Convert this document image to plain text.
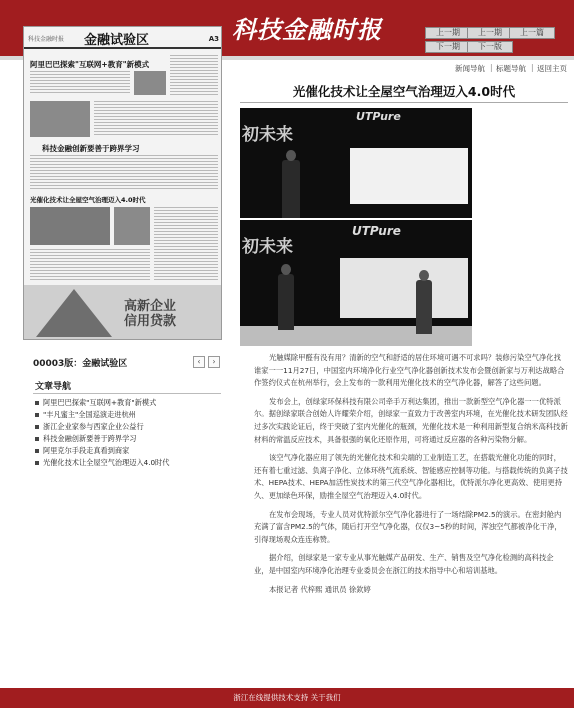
科技金融时报	上一期	上一期	上一篇
下一期	下一版
科技金融时报 金融试验区	A3
阿里巴巴探索"互联网+教育"新模式
科技金融创新要善于跨界学习
光催化技术让全屋空气治理迈入4.0时代
高新企业
信用贷款
00003版：金融试验区	‹	›
文章导航
阿里巴巴探索"互联网+教育"新模式
"丰凡蜜主"全国巡演走进杭州
浙江企业家参与西家企业公益行
科技金融创新要善于跨界学习
阿里克尔手段走真看到商家
光催化技术让全屋空气治理迈入4.0时代
新闻导航 | 标题导航 | 返回主页
光催化技术让全屋空气治理迈入4.0时代
初未来
UTPure
初未来
UTPure

光触媒除甲醛有没有用？清新的空气和舒适的居住环境可遇不可求吗？装修污染空气净化找谁家一一11月27日，中国室内环境净化行业空气净化器创新技术发布会暨创新家与万利达战略合作签约仪式在杭州举行，会上发布的一款利用光催化技术的空气净化器，解答了这些问题。

发布会上，创绿家环保科技有限公司牵手万利达集团，推出一款新型空气净化器一一优特派尔。据创绿家联合创始人许耀荣介绍，创绿家一直致力于改善室内环境，在光催化技术研发团队经过多次实践论证后，终于突破了室内光催化的瓶颈，光催化技术是一种利用新型复合纳米高科技新材料的常温反应技术，具备很强的氧化还原作用，可将通过反应器的各种污染物分解。

该空气净化器应用了领先的光催化技术和尖端的工业制造工艺，在搭载光催化功能的同时，还有着七重过滤、负离子净化、立体环绕气流系统、智能感应控制等功能。与搭载传统的负离子技术、HEPA技术、HEPA加活性炭技术的第三代空气净化器相比，优特派尔净化更高效、使用更持久、更加绿色环保，励推全屋空气治理迈入4.0时代。

在发布会现场，专业人员对优特派尔空气净化器进行了一场结除PM2.5的演示。在密封舱内充满了富含PM2.5的气体，随后打开空气净化器，仅仅3~5秒的时间，浑浊空气都被净化干净，引得现场观众连连称赞。

据介绍，创绿家是一家专业从事光触媒产品研发、生产、销售及空气净化检测的高科技企业，是中国室内环境净化治理专业委员会在浙江的技术指导中心和培训基地。

本报记者 代梓熙 通讯员 徐欽婷

浙江在线提供技术支持 关于我们
